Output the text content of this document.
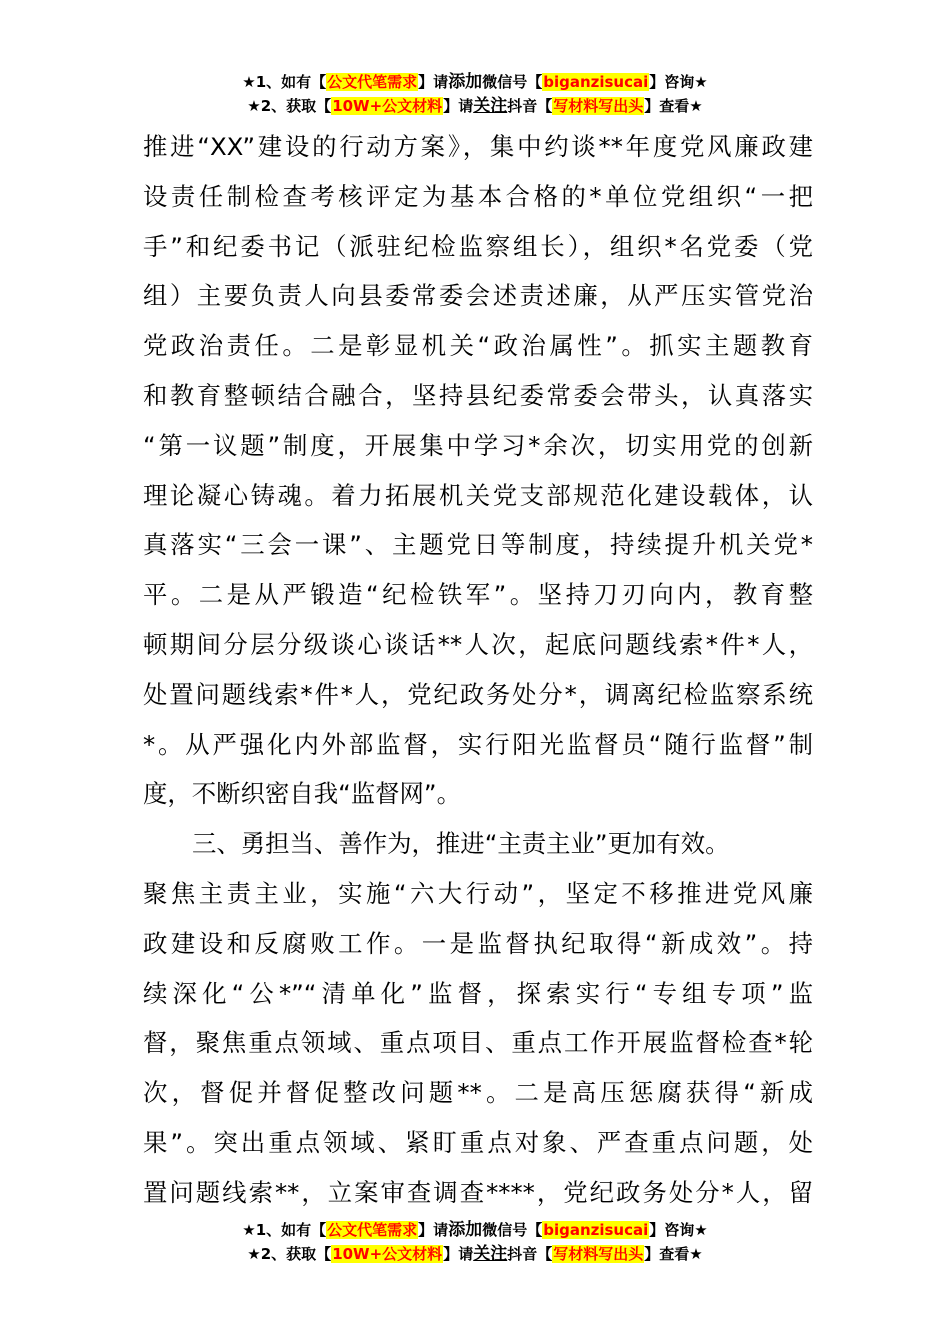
★1、如有【公文代笔需求】请添加微信号【biganzisucai】咨询★
★2、获取【10W+公文材料】请关注抖音【写材料写出头】查看★
推进“XX”建设的行动方案》，集中约谈**年度党风廉政建
设责任制检查考核评定为基本合格的*单位党组织“一把
手”和纪委书记（派驻纪检监察组长），组织*名党委（党
组）主要负责人向县委常委会述责述廉，从严压实管党治
党政治责任。二是彰显机关“政治属性”。抓实主题教育
和教育整顿结合融合，坚持县纪委常委会带头，认真落实
“第一议题”制度，开展集中学习*余次，切实用党的创新
理论凝心铸魂。着力拓展机关党支部规范化建设载体，认
真落实“三会一课”、主题党日等制度，持续提升机关党*
平。二是从严锻造“纪检铁军”。坚持刀刃向内，教育整
顿期间分层分级谈心谈话**人次，起底问题线索*件*人，
处置问题线索*件*人，党纪政务处分*，调离纪检监察系统
*。从严强化内外部监督，实行阳光监督员“随行监督”制
度，不断织密自我“监督网”。
三、勇担当、善作为，推进“主责主业”更加有效。
聚焦主责主业，实施“六大行动”，坚定不移推进党风廉
政建设和反腐败工作。一是监督执纪取得“新成效”。持
续深化“公*”“清单化”监督，探索实行“专组专项”监
督，聚焦重点领域、重点项目、重点工作开展监督检查*轮
次，督促并督促整改问题**。二是高压惩腐获得“新成
果”。突出重点领域、紧盯重点对象、严查重点问题，处
置问题线索**，立案审查调查****，党纪政务处分*人，留
★1、如有【公文代笔需求】请添加微信号【biganzisucai】咨询★
★2、获取【10W+公文材料】请关注抖音【写材料写出头】查看★
